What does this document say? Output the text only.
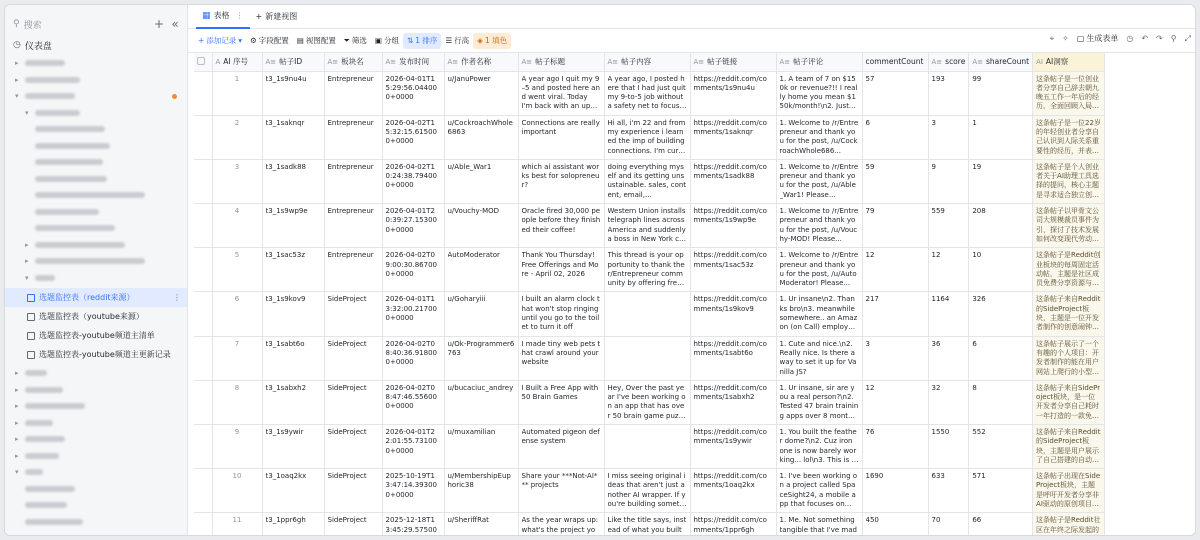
⚲ 搜索	+ «
◷ 仪表盘
▸
▸
▾
▾
▸
▸
▾
选题监控表（reddit来源）	⋮
选题监控表（youtube来源）
选题监控表-youtube频道主清单
选题监控表-youtube频道主更新记录
▸
▸
▸
▸
▸
▸
▾
▦ 表格 ⋮ + 新建视图
+ 添加记录 ▾ ⚙ 字段配置 ▤ 视图配置 ⏷ 筛选 ▣ 分组 ⇅ 1 排序 ☰ 行高 ◈ 1 填色	⌖ ✧ ▢ 生成表单 ◷ ↶ ↷ ⚲ ⤢
	A AI 序号	A≡ 帖子ID	A≡ 板块名	A≡ 发布时间	A≡ 作者名称	A≡ 帖子标题	A≡ 帖子内容	A≡ 帖子链接	A≡ 帖子评论	commentCount	A≡ score	A≡ shareCount	AI AI洞察

	1	t3_1s9nu4u	Entrepreneur	2026-04-01T15:29:56.044000+0000	u/JanuPower	A year ago I quit my 9–5 and posted here and went viral. Today I'm back with an upda	A year ago, I posted here that I had just quit my 9-to-5 job without a safety net to focus o	https://reddit.com/comments/1s9nu4u	1. A team of 7 on $150k or revenue?!! I really home you mean $150k/month!\n2. Just...	57	193	99	这条帖子是一位创业者分享自己辞去朝九晚五工作一年后的经历，全面回顾入局创

	2	t3_1saknqr	Entrepreneur	2026-04-02T15:32:15.615000+0000	u/CockroachWhole6863	Connections are really important	Hi all, i'm 22 and from my experience i learned the imp of building connections. I'm curre	https://reddit.com/comments/1saknqr	1. Welcome to /r/Entrepreneur and thank you for the post, /u/CockroachWhole686...	6	3	1	这条帖子是一位22岁的年轻创业者分享自己认识到人际关系重要性的经历，并表达

	3	t3_1sadk88	Entrepreneur	2026-04-02T10:24:38.794000+0000	u/Able_War1	which ai assistant works best for solopreneur?	doing everything myself and its getting unsustainable. sales, content, email,...	https://reddit.com/comments/1sadk88	1. Welcome to /r/Entrepreneur and thank you for the post, /u/Able_War1! Please...	59	9	19	这条帖子是个人创业者关于AI助理工具选择的提问，核心主题是寻求适合独立创业

	4	t3_1s9wp9e	Entrepreneur	2026-04-01T20:39:27.153000+0000	u/Vouchy-MOD	Oracle fired 30,000 people before they finished their coffee!	Western Union installs telegraph lines across America and suddenly a boss in New York ca	https://reddit.com/comments/1s9wp9e	1. Welcome to /r/Entrepreneur and thank you for the post, /u/Vouchy-MOD! Please...	79	559	208	这条帖子以甲骨文公司大规模裁员事件为引，探讨了技术发展如何改变现代劳动市

	5	t3_1sac53z	Entrepreneur	2026-04-02T09:00:30.867000+0000	AutoModerator	Thank You Thursday! Free Offerings and More - April 02, 2026	This thread is your opportunity to thank the r/Entrepreneur community by offering free	https://reddit.com/comments/1sac53z	1. Welcome to /r/Entrepreneur and thank you for the post, /u/AutoModerator! Please...	12	12	10	这条帖子是Reddit创业板块的每周固定活动帖，主题是社区成员免费分享资源与服

	6	t3_1s9kov9	SideProject	2026-04-01T13:32:00.217000+0000	u/Goharyiii	I built an alarm clock that won't stop ringing until you go to the toilet to turn it off		https://reddit.com/comments/1s9kov9	1. Ur insane\n2. Thanks bro\n3. meanwhile somewhere.. an Amazon (on Call) employee	217	1164	326	这条帖子来自Reddit的SideProject板块，主题是一位开发者制作的创意闹钟应

	7	t3_1sabt6o	SideProject	2026-04-02T08:40:36.918000+0000	u/Ok-Programmer6763	I made tiny web pets that crawl around your website		https://reddit.com/comments/1sabt6o	1. Cute and nice.\n2. Really nice. Is there a way to set it up for Vanilla JS?	3	36	6	这条帖子展示了一个有趣的个人项目：开发者制作的能在用户网站上爬行的小型网

	8	t3_1sabxh2	SideProject	2026-04-02T08:47:46.556000+0000	u/bucaciuc_andrey	I Built a Free App with 50 Brain Games	Hey, Over the past year I've been working on an app that has over 50 brain game puzzl	https://reddit.com/comments/1sabxh2	1. Ur insane, sir are you a real person?\n2. Tested 47 brain training apps over 8 months	12	32	8	这条帖子来自SideProject板块，是一位开发者分享自己耗时一年打造的一款免费

	9	t3_1s9ywir	SideProject	2026-04-01T22:01:55.731000+0000	u/muxamilian	Automated pigeon defense system		https://reddit.com/comments/1s9ywir	1. You built the feather dome?\n2. Cuz iron one is now barely working... lol\n3. This is a	76	1550	552	这条帖子来自Reddit的SideProject板块，主题是用户展示了自己搭建的自动化

	10	t3_1oaq2kx	SideProject	2025-10-19T13:47:14.393000+0000	u/MembershipEuphoric38	Share your ***Not-AI*** projects	I miss seeing original ideas that aren't just another AI wrapper. If you're building somethi	https://reddit.com/comments/1oaq2kx	1. I've been working on a project called SpaceSight24, a mobile app that focuses on...	1690	633	571	这条帖子出现在SideProject板块，主题是呼吁开发者分享非AI驱动的原创项目，

	11	t3_1ppr6gh	SideProject	2025-12-18T13:45:29.57500	u/SheriffRat	As the year wraps up: what's the project yo	Like the title says, instead of what you built	https://reddit.com/comments/1ppr6gh	1. Me. Not something tangible that I've mad	450	70	66	这条帖子是Reddit社区在年终之际发起的
